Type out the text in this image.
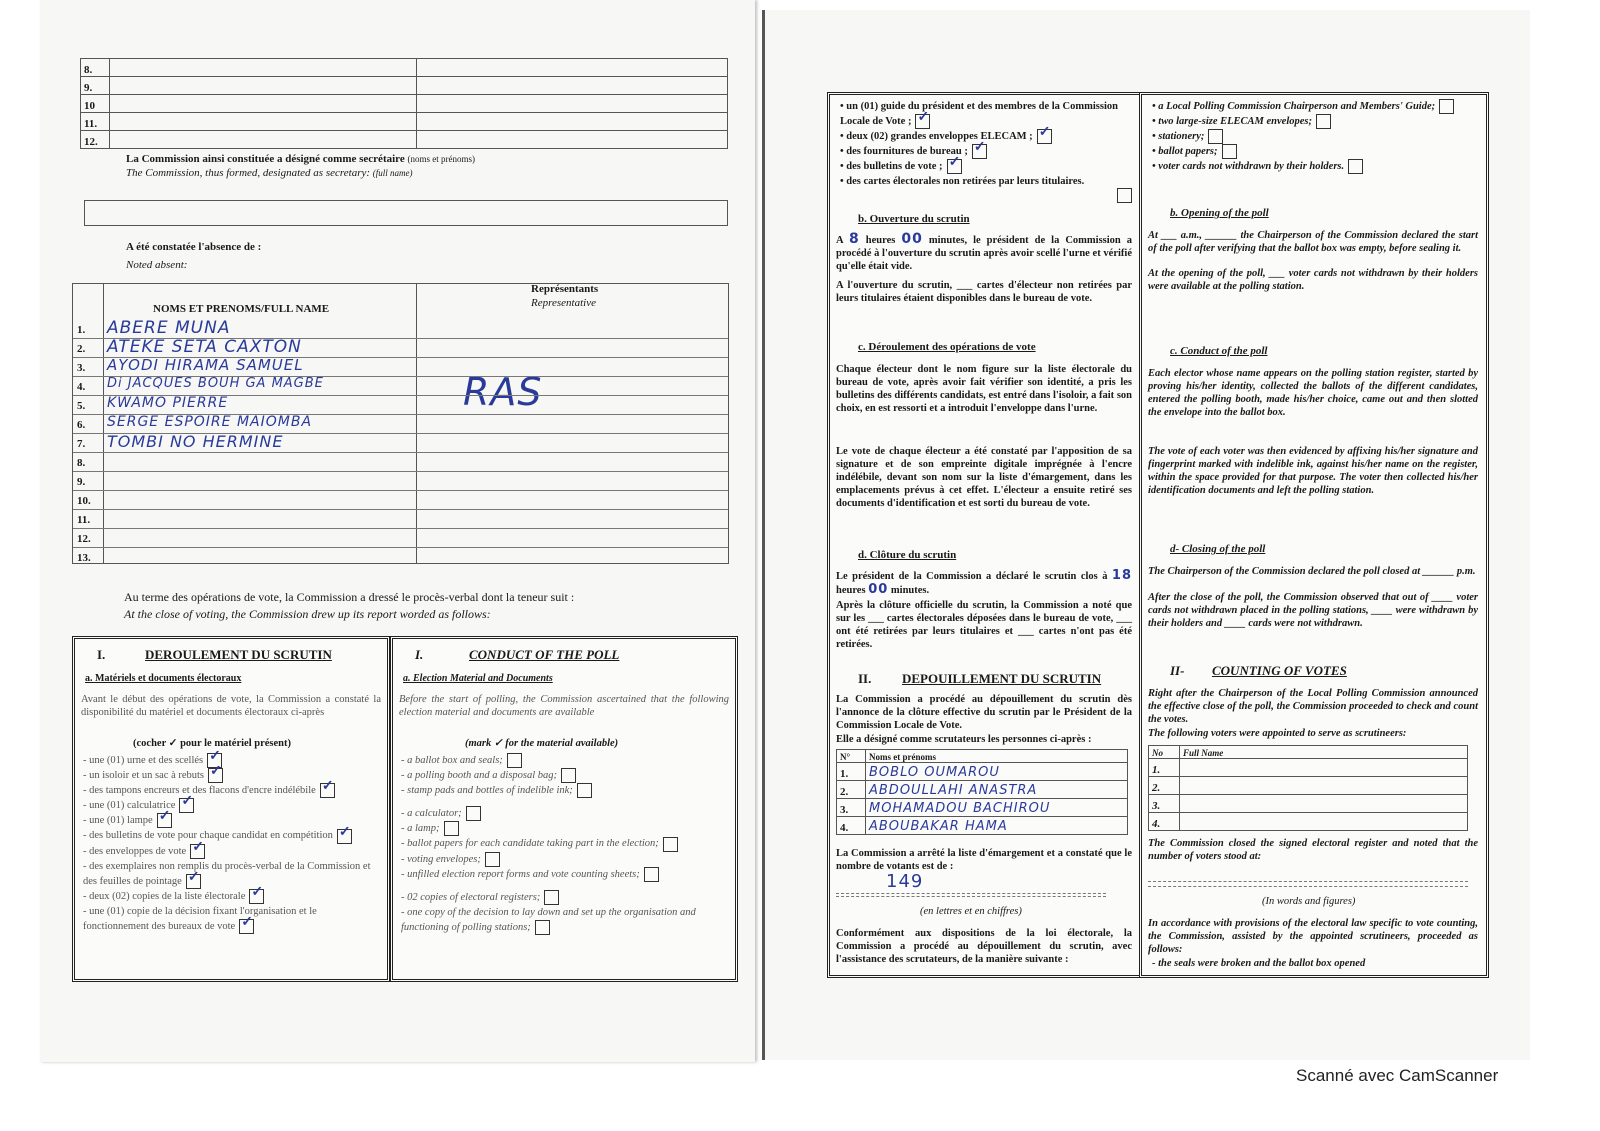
8.		
9.		
10		
11.		
12.		
La Commission ainsi constituée a désigné comme secrétaire (noms et prénoms)
The Commission, thus formed, designated as secretary: (full name)
A été constatée l'absence de :
Noted absent:
NOMS ET PRENOMS/FULL NAME
Représentants
Representative
RAS
1. ABERE MUNA
2. ATEKE SETA CAXTON
3. AYODI HIRAMA SAMUEL
4. Di JACQUES BOUH GA MAGBE
5. KWAMO PIERRE
6. SERGE ESPOIRE MAIOMBA
7. TOMBI NO HERMINE
8.
9.
10.
11.
12.
13.
Au terme des opérations de vote, la Commission a dressé le procès-verbal dont la teneur suit :
At the close of voting, the Commission drew up its report worded as follows:
I.	DEROULEMENT DU SCRUTIN
a. Matériels et documents électoraux
Avant le début des opérations de vote, la Commission a constaté la disponibilité du matériel et documents électoraux ci-après
(cocher ✓ pour le matériel présent)
- une (01) urne et des scellés✓
- un isoloir et un sac à rebuts✓
- des tampons encreurs et des flacons d'encre indélébile✓
- une (01) calculatrice✓
- une (01) lampe✓
- des bulletins de vote pour chaque candidat en compétition✓
- des enveloppes de vote✓
- des exemplaires non remplis du procès-verbal de la Commission et des feuilles de pointage✓
- deux (02) copies de la liste électorale✓
- une (01) copie de la décision fixant l'organisation et le fonctionnement des bureaux de vote✓
I.	CONDUCT OF THE POLL
a. Election Material and Documents
Before the start of polling, the Commission ascertained that the following election material and documents are available
(mark ✓ for the material available)
- a ballot box and seals;
- a polling booth and a disposal bag;
- stamp pads and bottles of indelible ink;
- a calculator;
- a lamp;
- ballot papers for each candidate taking part in the election;
- voting envelopes;
- unfilled election report forms and vote counting sheets;
- 02 copies of electoral registers;
- one copy of the decision to lay down and set up the organisation and functioning of polling stations;
• un (01) guide du président et des membres de la Commission Locale de Vote ;✓
• deux (02) grandes enveloppes ELECAM ;✓
• des fournitures de bureau ;✓
• des bulletins de vote ;✓
• des cartes électorales non retirées par leurs titulaires.
b. Ouverture du scrutin
A 8 heures 00 minutes, le président de la Commission a procédé à l'ouverture du scrutin après avoir scellé l'urne et vérifié qu'elle était vide.
A l'ouverture du scrutin, ___ cartes d'électeur non retirées par leurs titulaires étaient disponibles dans le bureau de vote.
c. Déroulement des opérations de vote
Chaque électeur dont le nom figure sur la liste électorale du bureau de vote, après avoir fait vérifier son identité, a pris les bulletins des différents candidats, est entré dans l'isoloir, a fait son choix, en est ressorti et a introduit l'enveloppe dans l'urne.
Le vote de chaque électeur a été constaté par l'apposition de sa signature et de son empreinte digitale imprégnée à l'encre indélébile, devant son nom sur la liste d'émargement, dans les emplacements prévus à cet effet. L'électeur a ensuite retiré ses documents d'identification et est sorti du bureau de vote.
d. Clôture du scrutin
Le président de la Commission a déclaré le scrutin clos à 18 heures 00 minutes.
Après la clôture officielle du scrutin, la Commission a noté que sur les ___ cartes électorales déposées dans le bureau de vote, ___ ont été retirées par leurs titulaires et ___ cartes n'ont pas été retirées.
II. DEPOUILLEMENT DU SCRUTIN
La Commission a procédé au dépouillement du scrutin dès l'annonce de la clôture effective du scrutin par le Président de la Commission Locale de Vote.
Elle a désigné comme scrutateurs les personnes ci-après :
N°	Noms et prénoms
1.	BOBLO OUMAROU
2.	ABDOULLAHI ANASTRA
3.	MOHAMADOU BACHIROU
4.	ABOUBAKAR HAMA
La Commission a arrêté la liste d'émargement et a constaté que le nombre de votants est de :
149
(en lettres et en chiffres)
Conformément aux dispositions de la loi électorale, la Commission a procédé au dépouillement du scrutin, avec l'assistance des scrutateurs, de la manière suivante :
• a Local Polling Commission Chairperson and Members' Guide;
• two large-size ELECAM envelopes;
• stationery;
• ballot papers;
• voter cards not withdrawn by their holders.
b. Opening of the poll
At ___ a.m., ______ the Chairperson of the Commission declared the start of the poll after verifying that the ballot box was empty, before sealing it.
At the opening of the poll, ___ voter cards not withdrawn by their holders were available at the polling station.
c. Conduct of the poll
Each elector whose name appears on the polling station register, started by proving his/her identity, collected the ballots of the different candidates, entered the polling booth, made his/her choice, came out and then slotted the envelope into the ballot box.
The vote of each voter was then evidenced by affixing his/her signature and fingerprint marked with indelible ink, against his/her name on the register, within the space provided for that purpose. The voter then collected his/her identification documents and left the polling station.
d- Closing of the poll
The Chairperson of the Commission declared the poll closed at ______ p.m.
After the close of the poll, the Commission observed that out of ____ voter cards not withdrawn placed in the polling stations, ____ were withdrawn by their holders and ____ cards were not withdrawn.
II- COUNTING OF VOTES
Right after the Chairperson of the Local Polling Commission announced the effective close of the poll, the Commission proceeded to check and count the votes.
The following voters were appointed to serve as scrutineers:
No	Full Name
1.	
2.	
3.	
4.	
The Commission closed the signed electoral register and noted that the number of voters stood at:
(In words and figures)
In accordance with provisions of the electoral law specific to vote counting, the Commission, assisted by the appointed scrutineers, proceeded as follows:
- the seals were broken and the ballot box opened
Scanné avec CamScanner
